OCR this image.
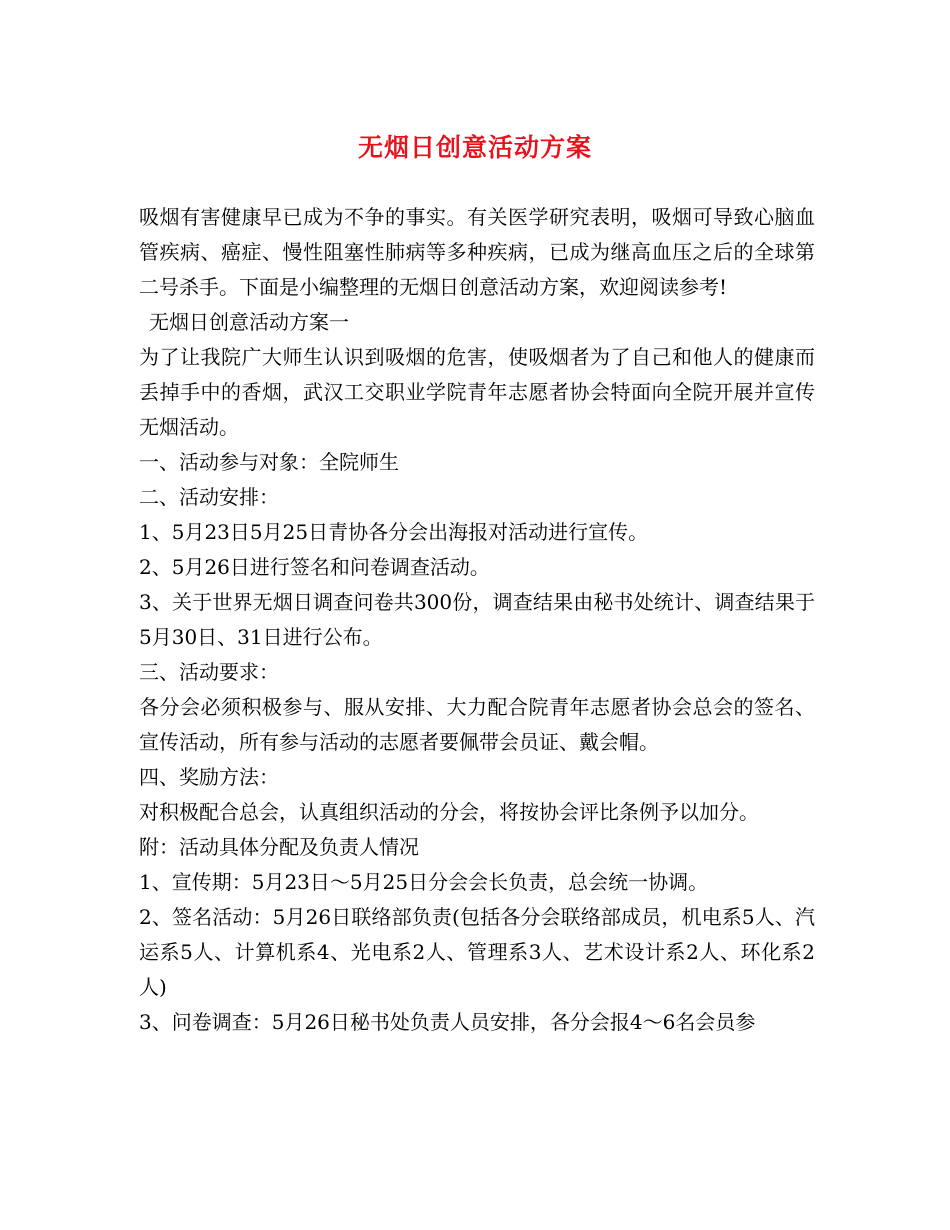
无烟日创意活动方案

吸烟有害健康早已成为不争的事实。有关医学研究表明，吸烟可导致心脑血管疾病、癌症、慢性阻塞性肺病等多种疾病，已成为继高血压之后的全球第二号杀手。下面是小编整理的无烟日创意活动方案，欢迎阅读参考!

无烟日创意活动方案一

为了让我院广大师生认识到吸烟的危害，使吸烟者为了自己和他人的健康而丢掉手中的香烟，武汉工交职业学院青年志愿者协会特面向全院开展并宣传无烟活动。

一、活动参与对象：全院师生

二、活动安排：

1、5月23日5月25日青协各分会出海报对活动进行宣传。

2、5月26日进行签名和问卷调查活动。

3、关于世界无烟日调查问卷共300份，调查结果由秘书处统计、调查结果于5月30日、31日进行公布。

三、活动要求：

各分会必须积极参与、服从安排、大力配合院青年志愿者协会总会的签名、宣传活动，所有参与活动的志愿者要佩带会员证、戴会帽。

四、奖励方法：

对积极配合总会，认真组织活动的分会，将按协会评比条例予以加分。

附：活动具体分配及负责人情况

1、宣传期：5月23日～5月25日分会会长负责，总会统一协调。

2、签名活动：5月26日联络部负责(包括各分会联络部成员，机电系5人、汽运系5人、计算机系4、光电系2人、管理系3人、艺术设计系2人、环化系2人)

3、问卷调查：5月26日秘书处负责人员安排，各分会报4～6名会员参
